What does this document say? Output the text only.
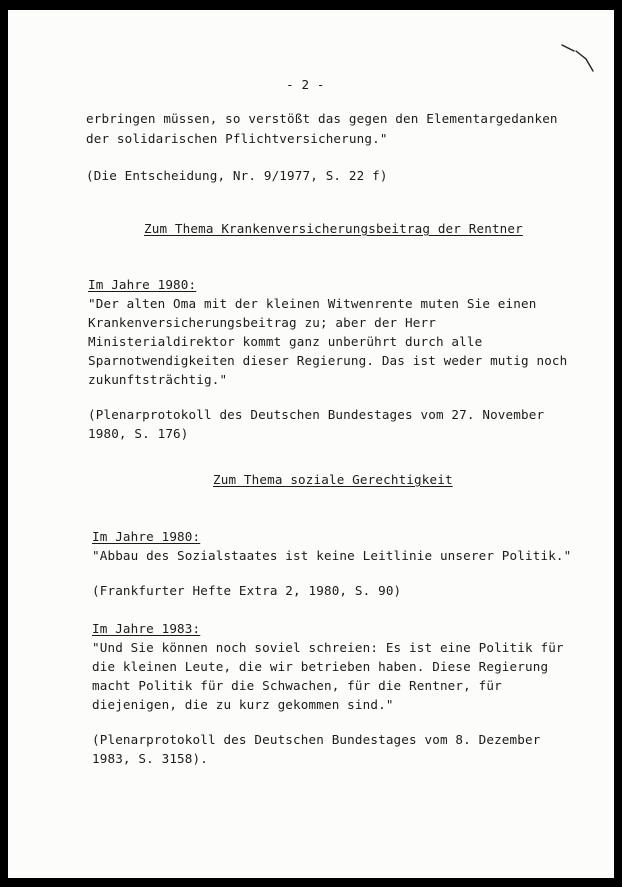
- 2 -

erbringen müssen, so verstößt das gegen den Elementargedanken

der solidarischen Pflichtversicherung."

(Die Entscheidung, Nr. 9/1977, S. 22 f)

Zum Thema Krankenversicherungsbeitrag der Rentner

Im Jahre 1980:

"Der alten Oma mit der kleinen Witwenrente muten Sie einen

Krankenversicherungsbeitrag zu; aber der Herr

Ministerialdirektor kommt ganz unberührt durch alle

Sparnotwendigkeiten dieser Regierung. Das ist weder mutig noch

zukunftsträchtig."

(Plenarprotokoll des Deutschen Bundestages vom 27. November

1980, S. 176)

Zum Thema soziale Gerechtigkeit

Im Jahre 1980:

"Abbau des Sozialstaates ist keine Leitlinie unserer Politik."

(Frankfurter Hefte Extra 2, 1980, S. 90)

Im Jahre 1983:

"Und Sie können noch soviel schreien: Es ist eine Politik für

die kleinen Leute, die wir betrieben haben. Diese Regierung

macht Politik für die Schwachen, für die Rentner, für

diejenigen, die zu kurz gekommen sind."

(Plenarprotokoll des Deutschen Bundestages vom 8. Dezember

1983, S. 3158).
